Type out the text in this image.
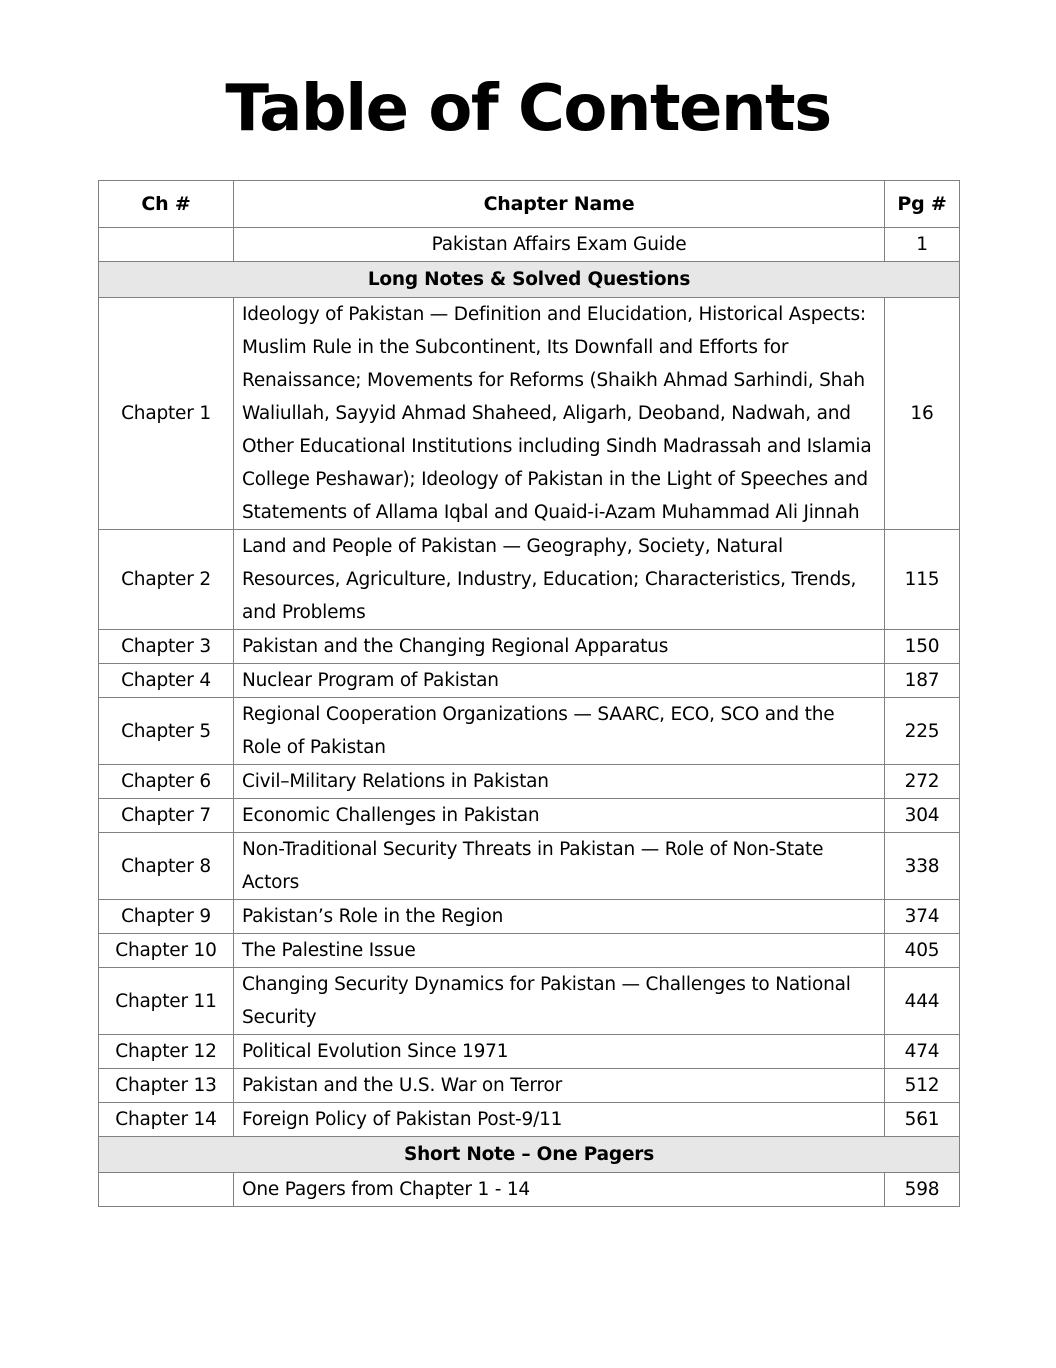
Table of Contents
Ch #	Chapter Name	Pg #
	Pakistan Affairs Exam Guide	1
Long Notes & Solved Questions		
Chapter 1	Ideology of Pakistan — Definition and Elucidation, Historical Aspects: Muslim Rule in the Subcontinent, Its Downfall and Efforts for Renaissance; Movements for Reforms (Shaikh Ahmad Sarhindi, Shah Waliullah, Sayyid Ahmad Shaheed, Aligarh, Deoband, Nadwah, and Other Educational Institutions including Sindh Madrassah and Islamia College Peshawar); Ideology of Pakistan in the Light of Speeches and Statements of Allama Iqbal and Quaid-i-Azam Muhammad Ali Jinnah	16
Chapter 2	Land and People of Pakistan — Geography, Society, Natural Resources, Agriculture, Industry, Education; Characteristics, Trends, and Problems	115
Chapter 3	Pakistan and the Changing Regional Apparatus	150
Chapter 4	Nuclear Program of Pakistan	187
Chapter 5	Regional Cooperation Organizations — SAARC, ECO, SCO and the Role of Pakistan	225
Chapter 6	Civil–Military Relations in Pakistan	272
Chapter 7	Economic Challenges in Pakistan	304
Chapter 8	Non-Traditional Security Threats in Pakistan — Role of Non-State Actors	338
Chapter 9	Pakistan’s Role in the Region	374
Chapter 10	The Palestine Issue	405
Chapter 11	Changing Security Dynamics for Pakistan — Challenges to National Security	444
Chapter 12	Political Evolution Since 1971	474
Chapter 13	Pakistan and the U.S. War on Terror	512
Chapter 14	Foreign Policy of Pakistan Post-9/11	561
Short Note – One Pagers		
	One Pagers from Chapter 1 - 14	598
